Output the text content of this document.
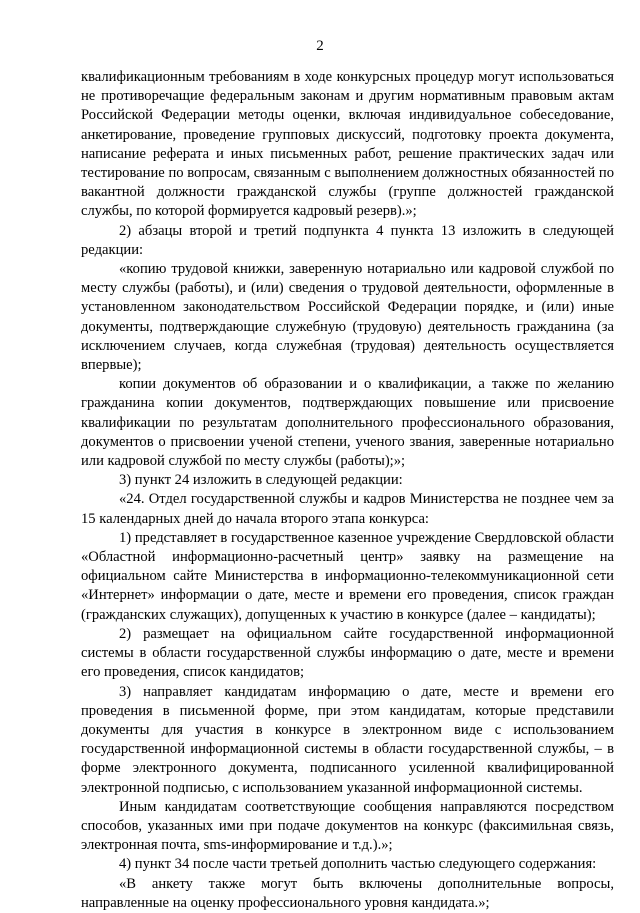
2

квалификационным требованиям в ходе конкурсных процедур могут использоваться не противоречащие федеральным законам и другим нормативным правовым актам Российской Федерации методы оценки, включая индивидуальное собеседование, анкетирование, проведение групповых дискуссий, подготовку проекта документа, написание реферата и иных письменных работ, решение практических задач или тестирование по вопросам, связанным с выполнением должностных обязанностей по вакантной должности гражданской службы (группе должностей гражданской службы, по которой формируется кадровый резерв).»;

2) абзацы второй и третий подпункта 4 пункта 13 изложить в следующей редакции:

«копию трудовой книжки, заверенную нотариально или кадровой службой по месту службы (работы), и (или) сведения о трудовой деятельности, оформленные в установленном законодательством Российской Федерации порядке, и (или) иные документы, подтверждающие служебную (трудовую) деятельность гражданина (за исключением случаев, когда служебная (трудовая) деятельность осуществляется впервые);

копии документов об образовании и о квалификации, а также по желанию гражданина копии документов, подтверждающих повышение или присвоение квалификации по результатам дополнительного профессионального образования, документов о присвоении ученой степени, ученого звания, заверенные нотариально или кадровой службой по месту службы (работы);»;

3) пункт 24 изложить в следующей редакции:

«24. Отдел государственной службы и кадров Министерства не позднее чем за 15 календарных дней до начала второго этапа конкурса:

1) представляет в государственное казенное учреждение Свердловской области «Областной информационно-расчетный центр» заявку на размещение на официальном сайте Министерства в информационно-телекоммуникационной сети «Интернет» информации о дате, месте и времени его проведения, список граждан (гражданских служащих), допущенных к участию в конкурсе (далее – кандидаты);

2) размещает на официальном сайте государственной информационной системы в области государственной службы информацию о дате, месте и времени его проведения, список кандидатов;

3) направляет кандидатам информацию о дате, месте и времени его проведения в письменной форме, при этом кандидатам, которые представили документы для участия в конкурсе в электронном виде с использованием государственной информационной системы в области государственной службы, – в форме электронного документа, подписанного усиленной квалифицированной электронной подписью, с использованием указанной информационной системы.

Иным кандидатам соответствующие сообщения направляются посредством способов, указанных ими при подаче документов на конкурс (факсимильная связь, электронная почта, sms-информирование и т.д.).»;

4) пункт 34 после части третьей дополнить частью следующего содержания:

«В анкету также могут быть включены дополнительные вопросы, направленные на оценку профессионального уровня кандидата.»;
